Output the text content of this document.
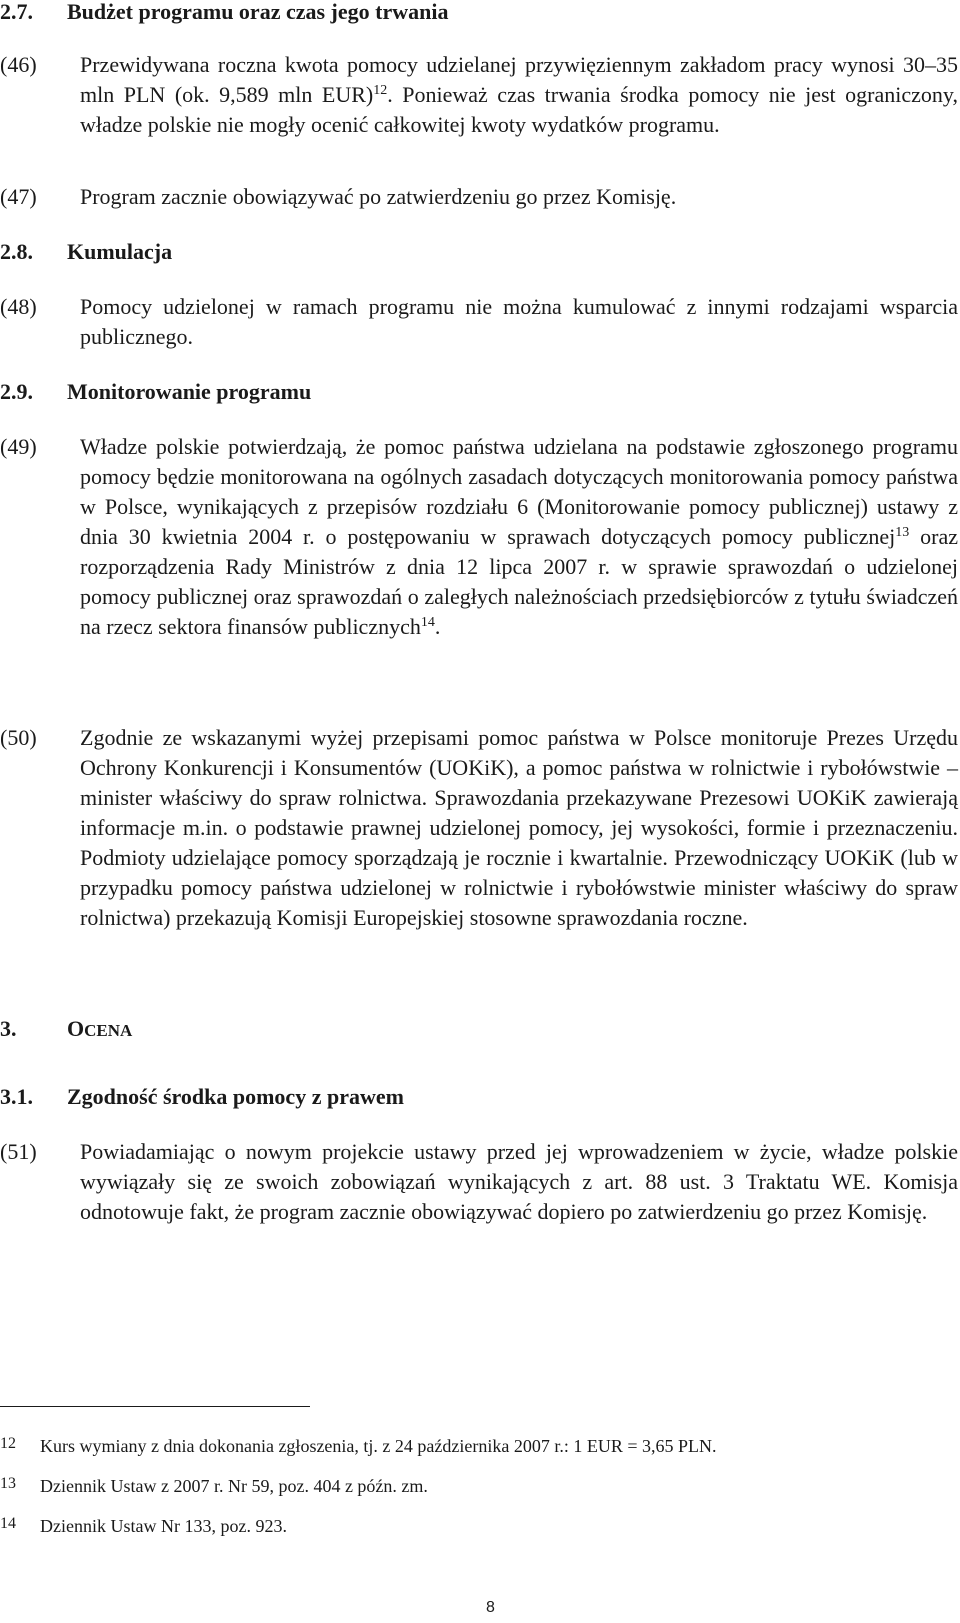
2.7. Budżet programu oraz czas jego trwania
(46)	Przewidywana roczna kwota pomocy udzielanej przywięziennym zakładom pracy wynosi 30–35 mln PLN (ok. 9,589 mln EUR)$^{12}$. Ponieważ czas trwania środka pomocy nie jest ograniczony, władze polskie nie mogły ocenić całkowitej kwoty wydatków programu.
(47)	Program zacznie obowiązywać po zatwierdzeniu go przez Komisję.
2.8. Kumulacja
(48)	Pomocy udzielonej w ramach programu nie można kumulować z innymi rodzajami wsparcia publicznego.
2.9. Monitorowanie programu
(49)	Władze polskie potwierdzają, że pomoc państwa udzielana na podstawie zgłoszonego programu pomocy będzie monitorowana na ogólnych zasadach dotyczących monitorowania pomocy państwa w Polsce, wynikających z przepisów rozdziału 6 (Monitorowanie pomocy publicznej) ustawy z dnia 30 kwietnia 2004 r. o postępowaniu w sprawach dotyczących pomocy publicznej$^{13}$ oraz rozporządzenia Rady Ministrów z dnia 12 lipca 2007 r. w sprawie sprawozdań o udzielonej pomocy publicznej oraz sprawozdań o zaległych należnościach przedsiębiorców z tytułu świadczeń na rzecz sektora finansów publicznych$^{14}$.
(50)	Zgodnie ze wskazanymi wyżej przepisami pomoc państwa w Polsce monitoruje Prezes Urzędu Ochrony Konkurencji i Konsumentów (UOKiK), a pomoc państwa w rolnictwie i rybołówstwie – minister właściwy do spraw rolnictwa. Sprawozdania przekazywane Prezesowi UOKiK zawierają informacje m.in. o podstawie prawnej udzielonej pomocy, jej wysokości, formie i przeznaczeniu. Podmioty udzielające pomocy sporządzają je rocznie i kwartalnie. Przewodniczący UOKiK (lub w przypadku pomocy państwa udzielonej w rolnictwie i rybołówstwie minister właściwy do spraw rolnictwa) przekazują Komisji Europejskiej stosowne sprawozdania roczne.
3. OCENA
3.1. Zgodność środka pomocy z prawem
(51)	Powiadamiając o nowym projekcie ustawy przed jej wprowadzeniem w życie, władze polskie wywiązały się ze swoich zobowiązań wynikających z art. 88 ust. 3 Traktatu WE. Komisja odnotowuje fakt, że program zacznie obowiązywać dopiero po zatwierdzeniu go przez Komisję.
12 Kurs wymiany z dnia dokonania zgłoszenia, tj. z 24 października 2007 r.: 1 EUR = 3,65 PLN.
13 Dziennik Ustaw z 2007 r. Nr 59, poz. 404 z późn. zm.
14 Dziennik Ustaw Nr 133, poz. 923.
8
